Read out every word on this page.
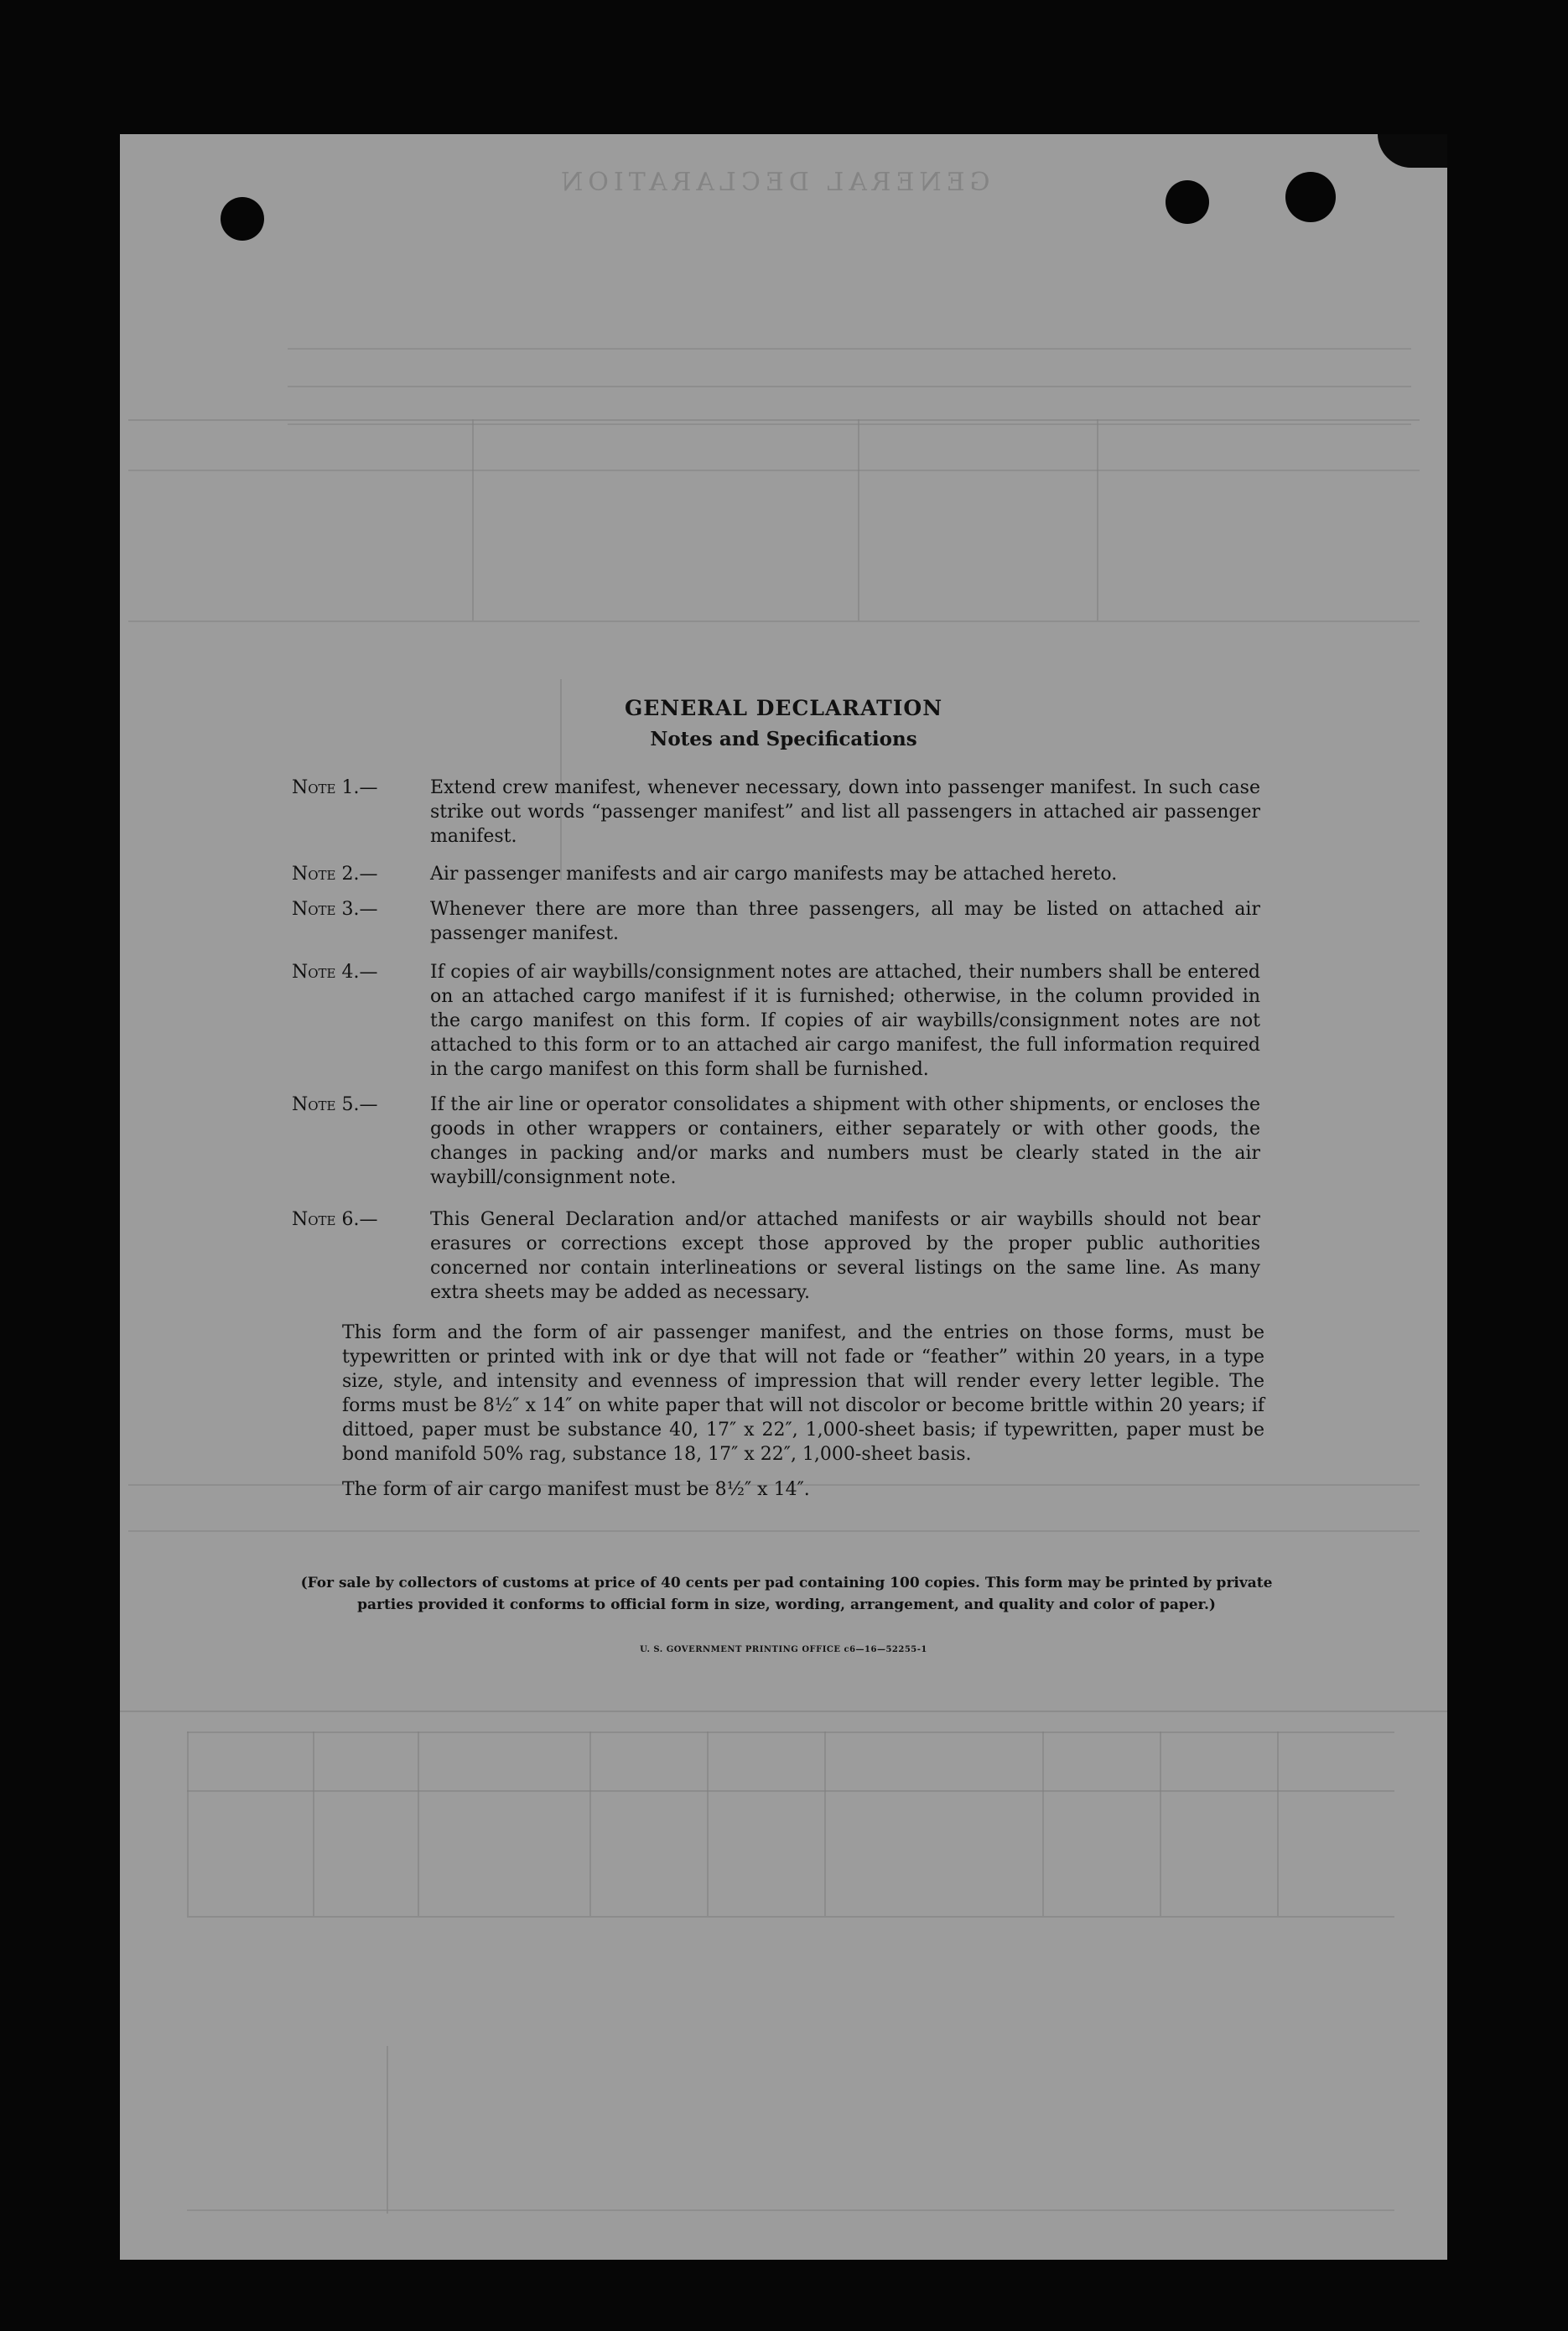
GENERAL DECLARATION
GENERAL DECLARATION
Notes and Specifications
Note 1.—	Extend crew manifest, whenever necessary, down into passenger manifest. In such case strike out words “passenger manifest” and list all passengers in attached air passenger manifest.
Note 2.—	Air passenger manifests and air cargo manifests may be attached hereto.
Note 3.—	Whenever there are more than three passengers, all may be listed on attached air passenger manifest.
Note 4.—	If copies of air waybills/consignment notes are attached, their numbers shall be entered on an attached cargo manifest if it is furnished; otherwise, in the column provided in the cargo manifest on this form. If copies of air waybills/consignment notes are not attached to this form or to an attached air cargo manifest, the full information required in the cargo manifest on this form shall be furnished.
Note 5.—	If the air line or operator consolidates a shipment with other shipments, or encloses the goods in other wrappers or containers, either separately or with other goods, the changes in packing and/or marks and numbers must be clearly stated in the air waybill/consignment note.
Note 6.—	This General Declaration and/or attached manifests or air waybills should not bear erasures or corrections except those approved by the proper public authorities concerned nor contain interlineations or several listings on the same line. As many extra sheets may be added as necessary.
This form and the form of air passenger manifest, and the entries on those forms, must be typewritten or printed with ink or dye that will not fade or “feather” within 20 years, in a type size, style, and intensity and evenness of impression that will render every letter legible. The forms must be 8½″ x 14″ on white paper that will not discolor or become brittle within 20 years; if dittoed, paper must be substance 40, 17″ x 22″, 1,000-sheet basis; if typewritten, paper must be bond manifold 50% rag, substance 18, 17″ x 22″, 1,000-sheet basis.
The form of air cargo manifest must be 8½″ x 14″.
(For sale by collectors of customs at price of 40 cents per pad containing 100 copies. This form may be printed by private parties provided it conforms to official form in size, wording, arrangement, and quality and color of paper.)
U. S. GOVERNMENT PRINTING OFFICE c6—16—52255-1
